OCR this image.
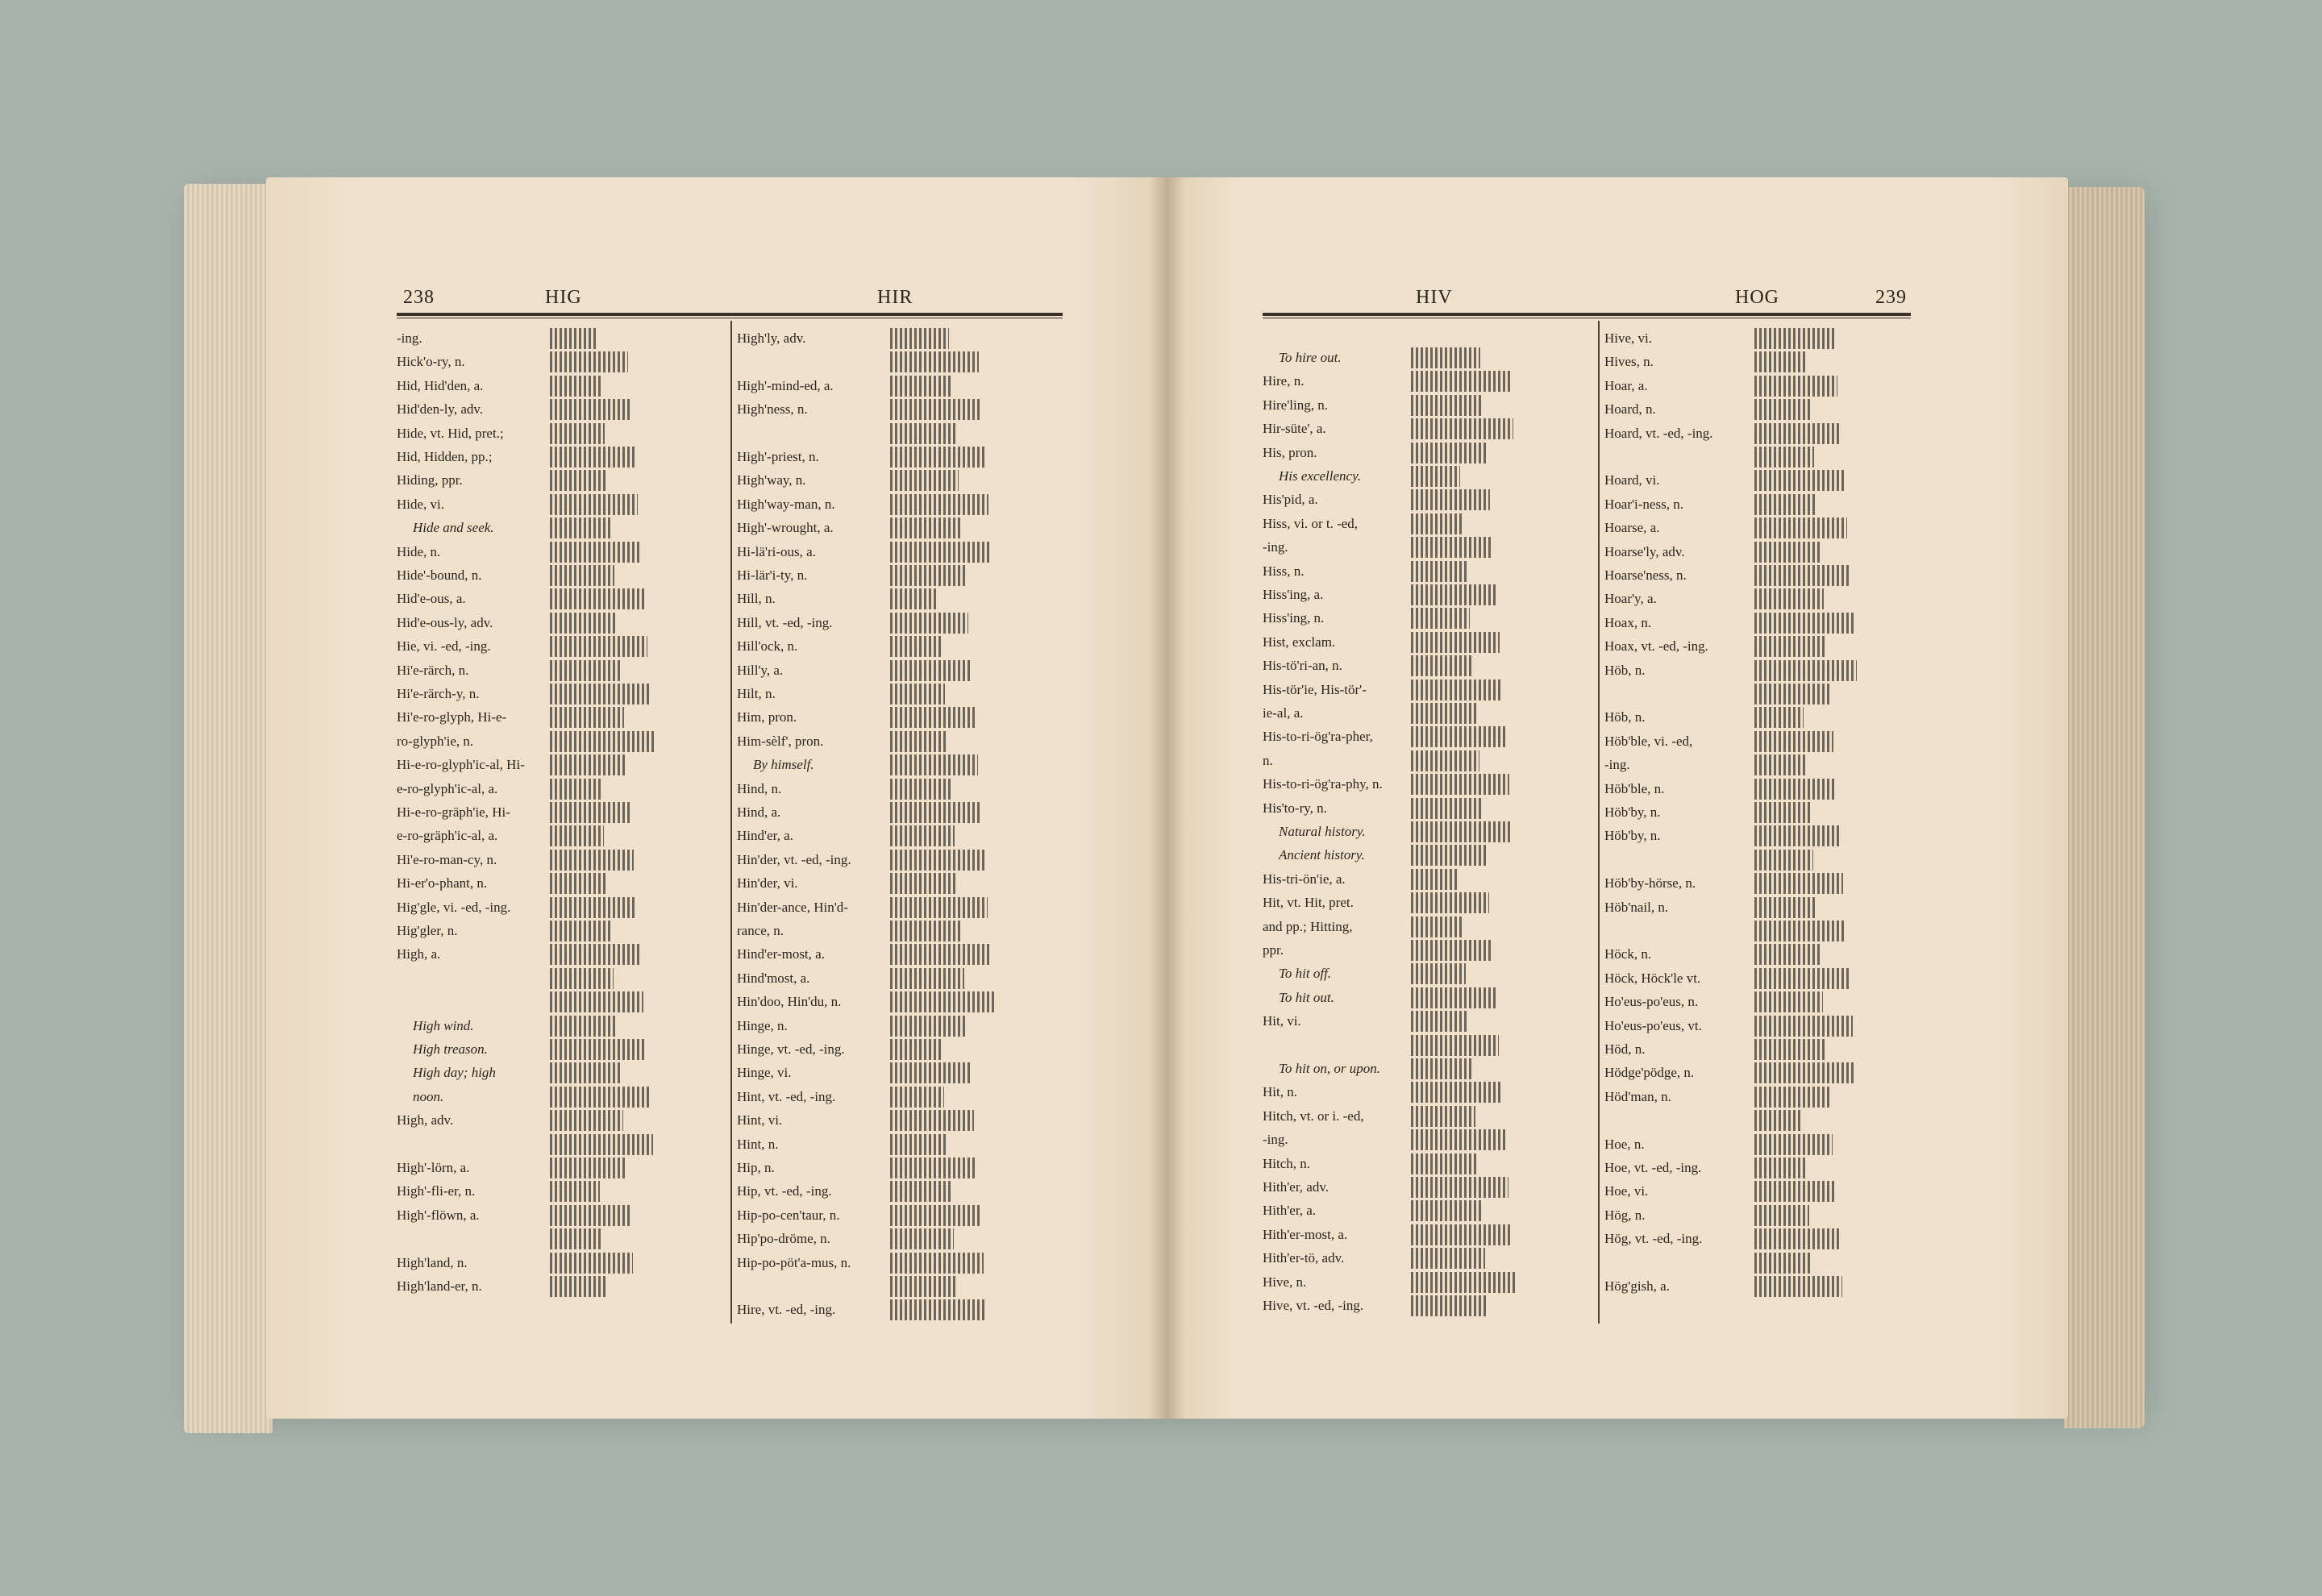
238	HIG	HIR	HIV	HOG	239
-ing.
Hick'o-ry, n.
Hid, Hid'den, a.
Hid'den-ly, adv.
Hide, vt. Hid, pret.;
Hid, Hidden, pp.;
Hiding, ppr.
Hide, vi.
Hide and seek.
Hide, n.
Hide'-bound, n.
Hid'e-ous, a.
Hid'e-ous-ly, adv.
Hie, vi. -ed, -ing.
Hi'e-rärch, n.
Hi'e-rärch-y, n.
Hi'e-ro-glyph, Hi-e-
ro-glyph'ie, n.
Hi-e-ro-glyph'ic-al, Hi-
e-ro-glyph'ic-al, a.
Hi-e-ro-gräph'ie, Hi-
e-ro-gräph'ic-al, a.
Hi'e-ro-man-cy, n.
Hi-er'o-phant, n.
Hig'gle, vi. -ed, -ing.
Hig'gler, n.
High, a.
High wind.
High treason.
High day; high
noon.
High, adv.
High'-lörn, a.
High'-fli-er, n.
High'-flöwn, a.
High'land, n.
High'land-er, n.
High'ly, adv.
High'-mind-ed, a.
High'ness, n.
High'-priest, n.
High'way, n.
High'way-man, n.
High'-wrought, a.
Hi-lä'ri-ous, a.
Hi-lär'i-ty, n.
Hill, n.
Hill, vt. -ed, -ing.
Hill'ock, n.
Hill'y, a.
Hilt, n.
Him, pron.
Him-sèlf', pron.
By himself.
Hind, n.
Hind, a.
Hind'er, a.
Hin'der, vt. -ed, -ing.
Hin'der, vi.
Hin'der-ance, Hin'd-
rance, n.
Hind'er-most, a.
Hind'most, a.
Hin'doo, Hin'du, n.
Hinge, n.
Hinge, vt. -ed, -ing.
Hinge, vi.
Hint, vt. -ed, -ing.
Hint, vi.
Hint, n.
Hip, n.
Hip, vt. -ed, -ing.
Hip-po-cen'taur, n.
Hip'po-dröme, n.
Hip-po-pöt'a-mus, n.
Hire, vt. -ed, -ing.
To hire out.
Hire, n.
Hire'ling, n.
Hir-süte', a.
His, pron.
His excellency.
His'pid, a.
Hiss, vi. or t. -ed,
-ing.
Hiss, n.
Hiss'ing, a.
Hiss'ing, n.
Hist, exclam.
His-tö'ri-an, n.
His-tör'ie, His-tör'-
ie-al, a.
His-to-ri-ög'ra-pher,
n.
His-to-ri-ög'ra-phy, n.
His'to-ry, n.
Natural history.
Ancient history.
His-tri-ön'ie, a.
Hit, vt. Hit, pret.
and pp.; Hitting,
ppr.
To hit off.
To hit out.
Hit, vi.
To hit on, or upon.
Hit, n.
Hitch, vt. or i. -ed,
-ing.
Hitch, n.
Hith'er, adv.
Hith'er, a.
Hith'er-most, a.
Hith'er-tö, adv.
Hive, n.
Hive, vt. -ed, -ing.
Hive, vi.
Hives, n.
Hoar, a.
Hoard, n.
Hoard, vt. -ed, -ing.
Hoard, vi.
Hoar'i-ness, n.
Hoarse, a.
Hoarse'ly, adv.
Hoarse'ness, n.
Hoar'y, a.
Hoax, n.
Hoax, vt. -ed, -ing.
Höb, n.
Höb, n.
Höb'ble, vi. -ed,
-ing.
Höb'ble, n.
Höb'by, n.
Höb'by, n.
Höb'by-hörse, n.
Höb'nail, n.
Höck, n.
Höck, Höck'le vt.
Ho'eus-po'eus, n.
Ho'eus-po'eus, vt.
Höd, n.
Hödge'pödge, n.
Höd'man, n.
Hoe, n.
Hoe, vt. -ed, -ing.
Hoe, vi.
Hög, n.
Hög, vt. -ed, -ing.
Hög'gish, a.
